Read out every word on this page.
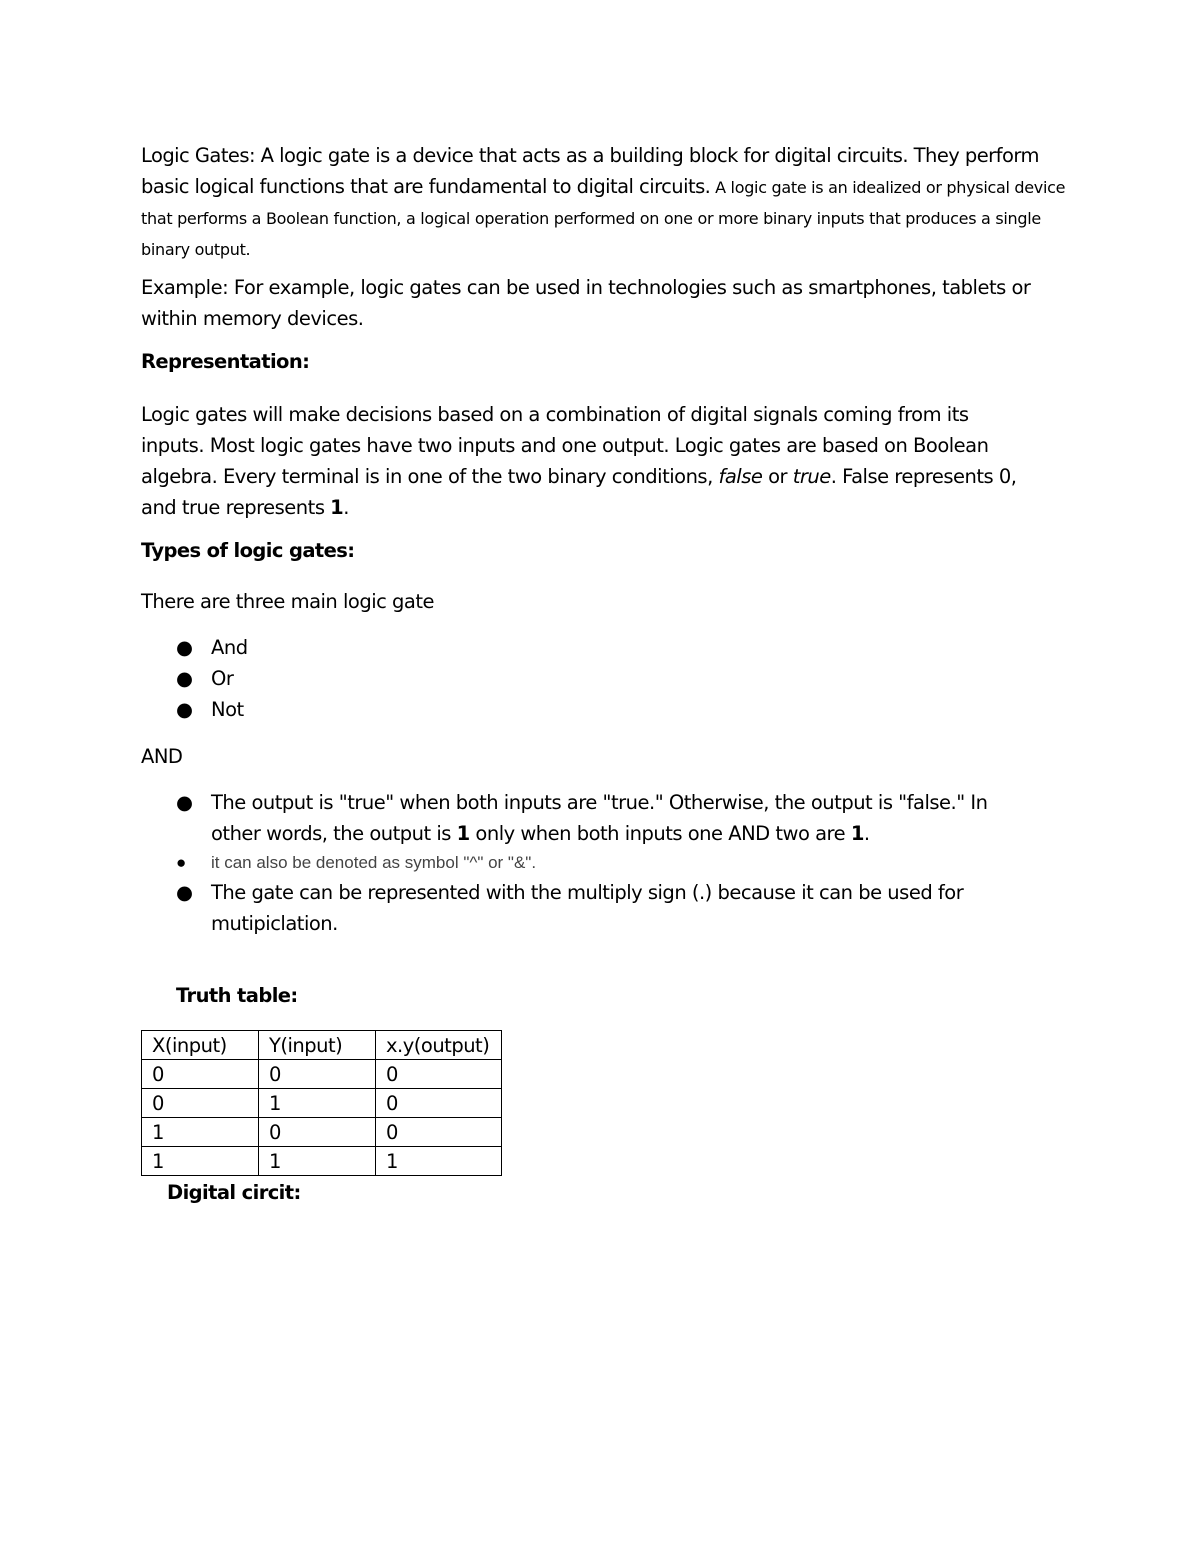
Logic Gates: A logic gate is a device that acts as a building block for digital circuits. They perform basic logical functions that are fundamental to digital circuits. A logic gate is an idealized or physical device that performs a Boolean function, a logical operation performed on one or more binary inputs that produces a single binary output.

Example: For example, logic gates can be used in technologies such as smartphones, tablets or within memory devices.

Representation:

Logic gates will make decisions based on a combination of digital signals coming from its inputs. Most logic gates have two inputs and one output. Logic gates are based on Boolean algebra. Every terminal is in one of the two binary conditions, false or true. False represents 0, and true represents 1.

Types of logic gates:

There are three main logic gate

● And
● Or
● Not

AND

● The output is "true" when both inputs are "true." Otherwise, the output is "false." In other words, the output is 1 only when both inputs one AND two are 1.
● it can also be denoted as symbol "^" or "&".
● The gate can be represented with the multiply sign (.) because it can be used for mutipiclation.

Truth table:

X(input)	Y(input)	x.y(output)
0	0	0
0	1	0
1	0	0
1	1	1

Digital circit:
